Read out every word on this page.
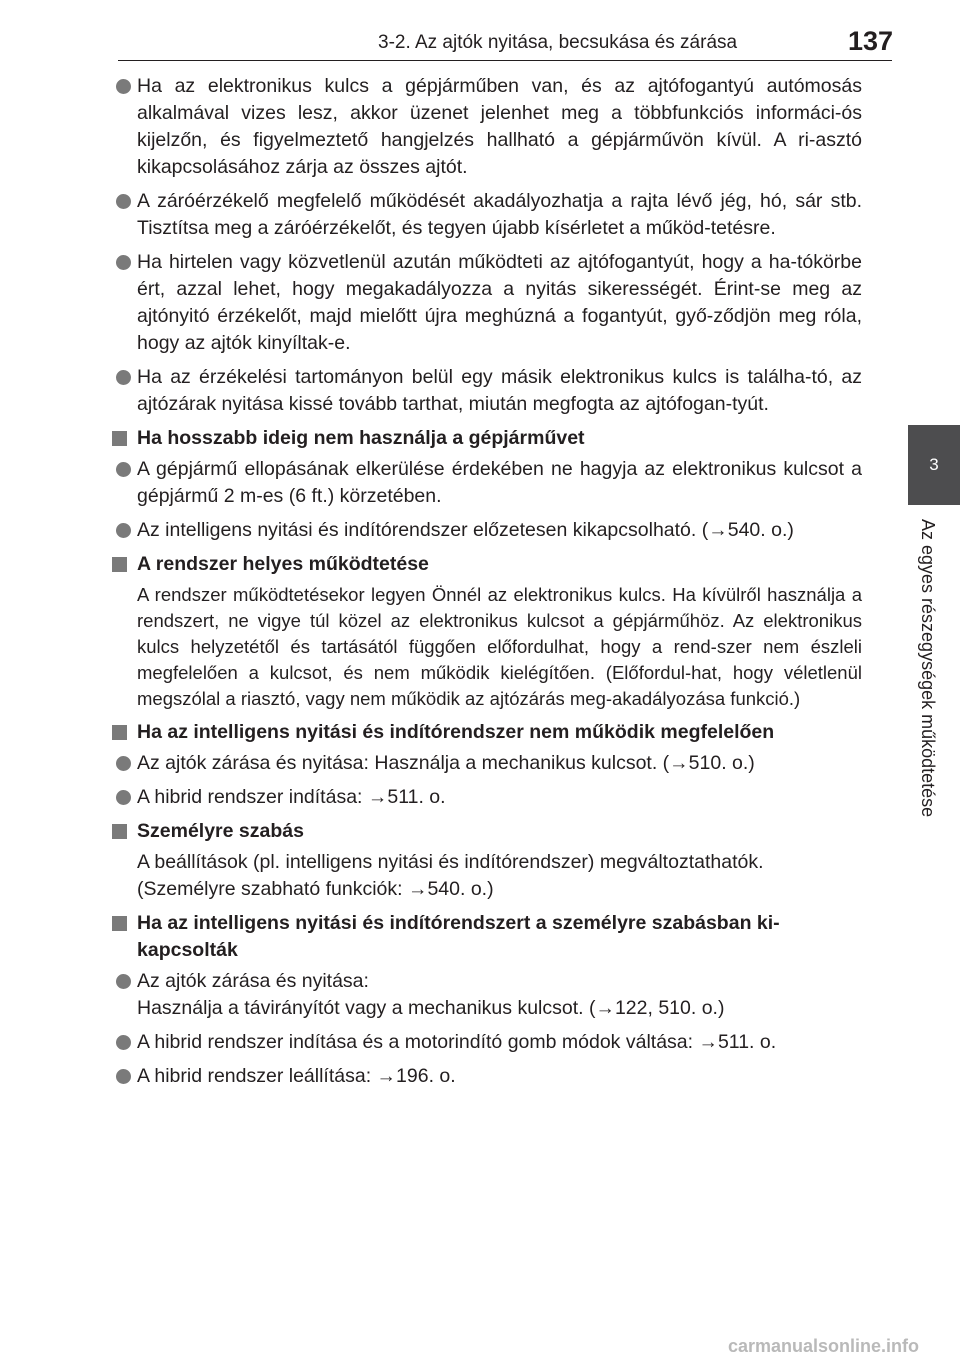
3-2. Az ajtók nyitása, becsukása és zárása	137
3
Az egyes részegységek működtetése
Ha az elektronikus kulcs a gépjárműben van, és az ajtófogantyú autómosás alkalmával vizes lesz, akkor üzenet jelenhet meg a többfunkciós informáci-ós kijelzőn, és figyelmeztető hangjelzés hallható a gépjárművön kívül. A ri-asztó kikapcsolásához zárja az összes ajtót.
A záróérzékelő megfelelő működését akadályozhatja a rajta lévő jég, hó, sár stb. Tisztítsa meg a záróérzékelőt, és tegyen újabb kísérletet a működ-tetésre.
Ha hirtelen vagy közvetlenül azután működteti az ajtófogantyút, hogy a ha-tókörbe ért, azzal lehet, hogy megakadályozza a nyitás sikerességét. Érint-se meg az ajtónyitó érzékelőt, majd mielőtt újra meghúzná a fogantyút, győ-ződjön meg róla, hogy az ajtók kinyíltak-e.
Ha az érzékelési tartományon belül egy másik elektronikus kulcs is találha-tó, az ajtózárak nyitása kissé tovább tarthat, miután megfogta az ajtófogan-tyút.
Ha hosszabb ideig nem használja a gépjárművet
A gépjármű ellopásának elkerülése érdekében ne hagyja az elektronikus kulcsot a gépjármű 2 m-es (6 ft.) körzetében.
Az intelligens nyitási és indítórendszer előzetesen kikapcsolható. (→540. o.)
A rendszer helyes működtetése
A rendszer működtetésekor legyen Önnél az elektronikus kulcs. Ha kívülről használja a rendszert, ne vigye túl közel az elektronikus kulcsot a gépjárműhöz. Az elektronikus kulcs helyzetétől és tartásától függően előfordulhat, hogy a rend-szer nem észleli megfelelően a kulcsot, és nem működik kielégítően. (Előfordul-hat, hogy véletlenül megszólal a riasztó, vagy nem működik az ajtózárás meg-akadályozása funkció.)
Ha az intelligens nyitási és indítórendszer nem működik megfelelően
Az ajtók zárása és nyitása: Használja a mechanikus kulcsot. (→510. o.)
A hibrid rendszer indítása: →511. o.
Személyre szabás
A beállítások (pl. intelligens nyitási és indítórendszer) megváltoztathatók.
(Személyre szabható funkciók: →540. o.)
Ha az intelligens nyitási és indítórendszert a személyre szabásban ki-kapcsolták
Az ajtók zárása és nyitása:
Használja a távirányítót vagy a mechanikus kulcsot. (→122, 510. o.)
A hibrid rendszer indítása és a motorindító gomb módok váltása: →511. o.
A hibrid rendszer leállítása: →196. o.
carmanualsonline.info
